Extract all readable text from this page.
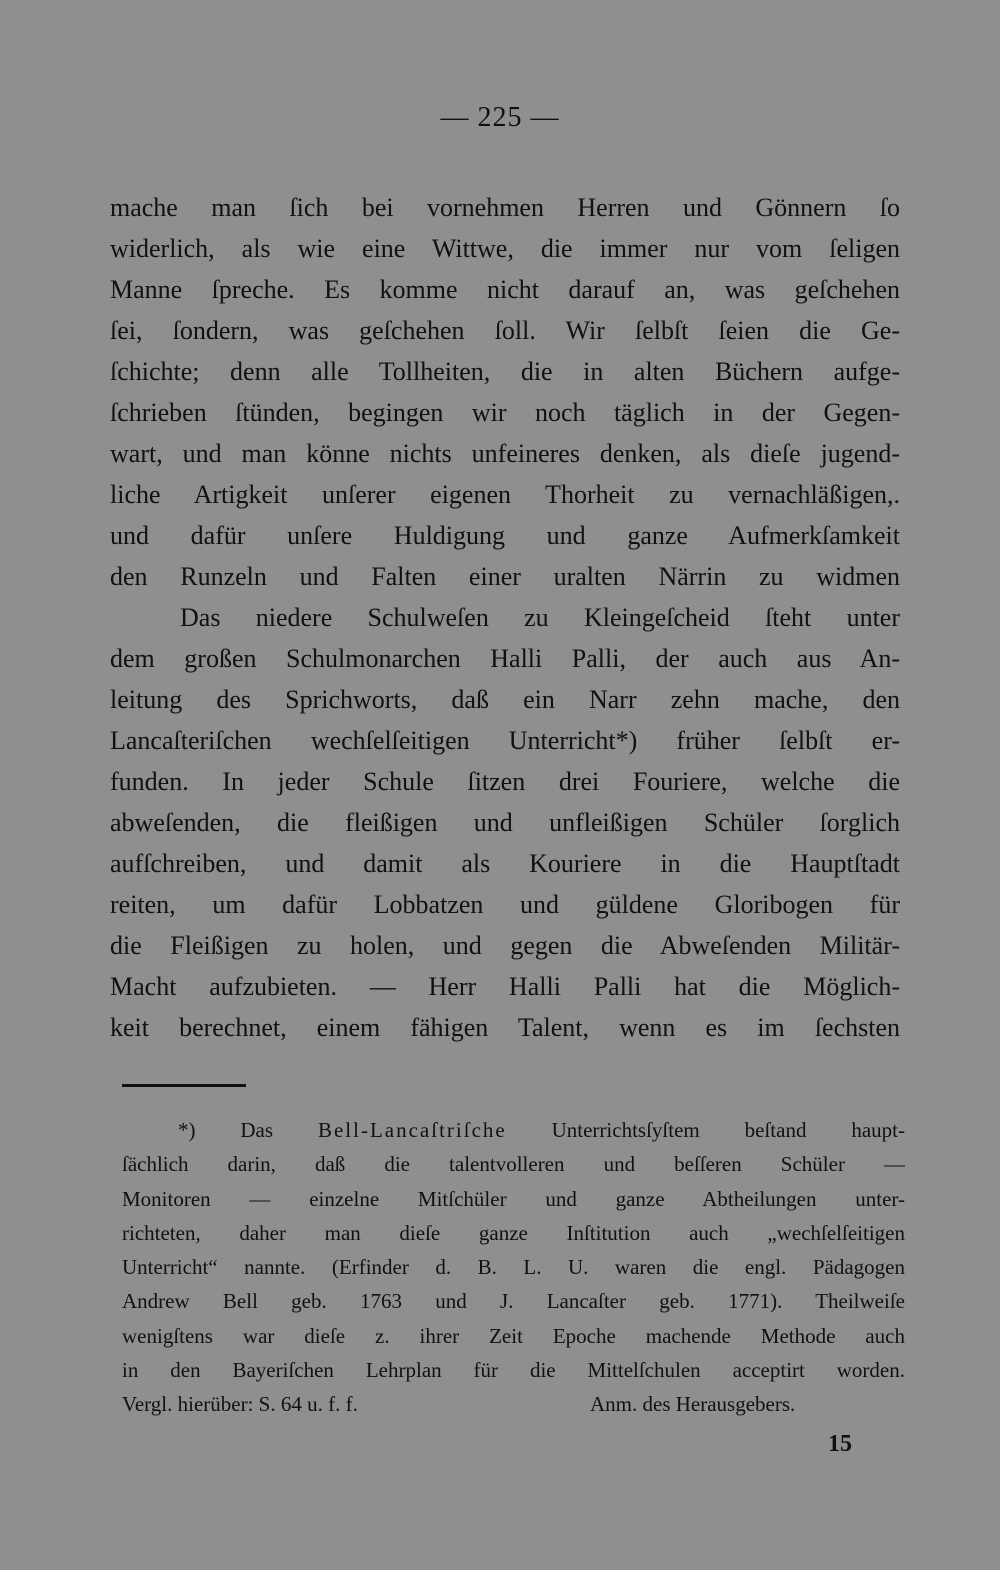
— 225 —
mache man ſich bei vornehmen Herren und Gönnern ſo
widerlich, als wie eine Wittwe, die immer nur vom ſeligen
Manne ſpreche. Es komme nicht darauf an, was geſchehen
ſei, ſondern, was geſchehen ſoll. Wir ſelbſt ſeien die Ge-
ſchichte; denn alle Tollheiten, die in alten Büchern aufge-
ſchrieben ſtünden, begingen wir noch täglich in der Gegen-
wart, und man könne nichts unfeineres denken, als dieſe jugend-
liche Artigkeit unſerer eigenen Thorheit zu vernachläßigen,.
und dafür unſere Huldigung und ganze Aufmerkſamkeit
den Runzeln und Falten einer uralten Närrin zu widmen
Das niedere Schulweſen zu Kleingeſcheid ſteht unter
dem großen Schulmonarchen Halli Palli, der auch aus An-
leitung des Sprichworts, daß ein Narr zehn mache, den
Lancaſteriſchen wechſelſeitigen Unterricht*) früher ſelbſt er-
funden. In jeder Schule ſitzen drei Fouriere, welche die
abweſenden, die fleißigen und unfleißigen Schüler ſorglich
aufſchreiben, und damit als Kouriere in die Hauptſtadt
reiten, um dafür Lobbatzen und güldene Gloribogen für
die Fleißigen zu holen, und gegen die Abweſenden Militär-
Macht aufzubieten. — Herr Halli Palli hat die Möglich-
keit berechnet, einem fähigen Talent, wenn es im ſechsten
*) Das Bell-Lancaſtriſche Unterrichtsſyſtem beſtand haupt-
ſächlich darin, daß die talentvolleren und beſſeren Schüler —
Monitoren — einzelne Mitſchüler und ganze Abtheilungen unter-
richteten, daher man dieſe ganze Inſtitution auch „wechſelſeitigen
Unterricht“ nannte. (Erfinder d. B. L. U. waren die engl. Pädagogen
Andrew Bell geb. 1763 und J. Lancaſter geb. 1771). Theilweiſe
wenigſtens war dieſe z. ihrer Zeit Epoche machende Methode auch
in den Bayeriſchen Lehrplan für die Mittelſchulen acceptirt worden.
Vergl. hierüber: S. 64 u. f. f.	Anm. des Herausgebers.
15
